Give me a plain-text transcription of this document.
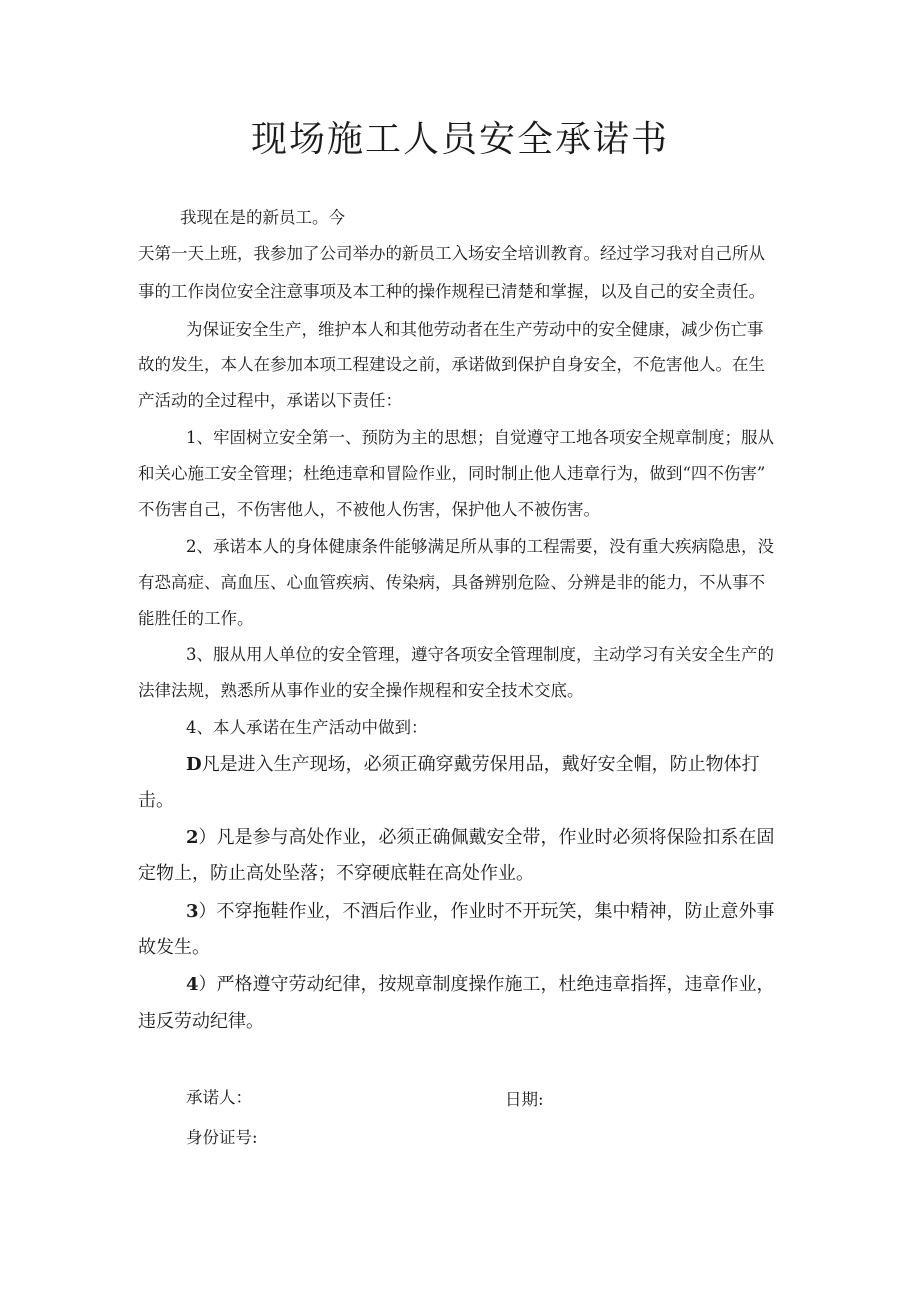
现场施工人员安全承诺书

我现在是的新员工。今

天第一天上班，我参加了公司举办的新员工入场安全培训教育。经过学习我对自己所从

事的工作岗位安全注意事项及本工种的操作规程已清楚和掌握，以及自己的安全责任。

为保证安全生产，维护本人和其他劳动者在生产劳动中的安全健康，减少伤亡事

故的发生，本人在参加本项工程建设之前，承诺做到保护自身安全，不危害他人。在生

产活动的全过程中，承诺以下责任：

1、牢固树立安全第一、预防为主的思想；自觉遵守工地各项安全规章制度；服从

和关心施工安全管理；杜绝违章和冒险作业，同时制止他人违章行为，做到“四不伤害”

不伤害自己，不伤害他人，不被他人伤害，保护他人不被伤害。

2、承诺本人的身体健康条件能够满足所从事的工程需要，没有重大疾病隐患，没

有恐高症、高血压、心血管疾病、传染病，具备辨别危险、分辨是非的能力，不从事不

能胜任的工作。

3、服从用人单位的安全管理，遵守各项安全管理制度，主动学习有关安全生产的

法律法规，熟悉所从事作业的安全操作规程和安全技术交底。

4、本人承诺在生产活动中做到：

D凡是进入生产现场，必须正确穿戴劳保用品，戴好安全帽，防止物体打

击。

2）凡是参与高处作业，必须正确佩戴安全带，作业时必须将保险扣系在固

定物上，防止高处坠落；不穿硬底鞋在高处作业。

3）不穿拖鞋作业，不酒后作业，作业时不开玩笑，集中精神，防止意外事

故发生。

4）严格遵守劳动纪律，按规章制度操作施工，杜绝违章指挥，违章作业，

违反劳动纪律。

承诺人：	日期:

身份证号:
